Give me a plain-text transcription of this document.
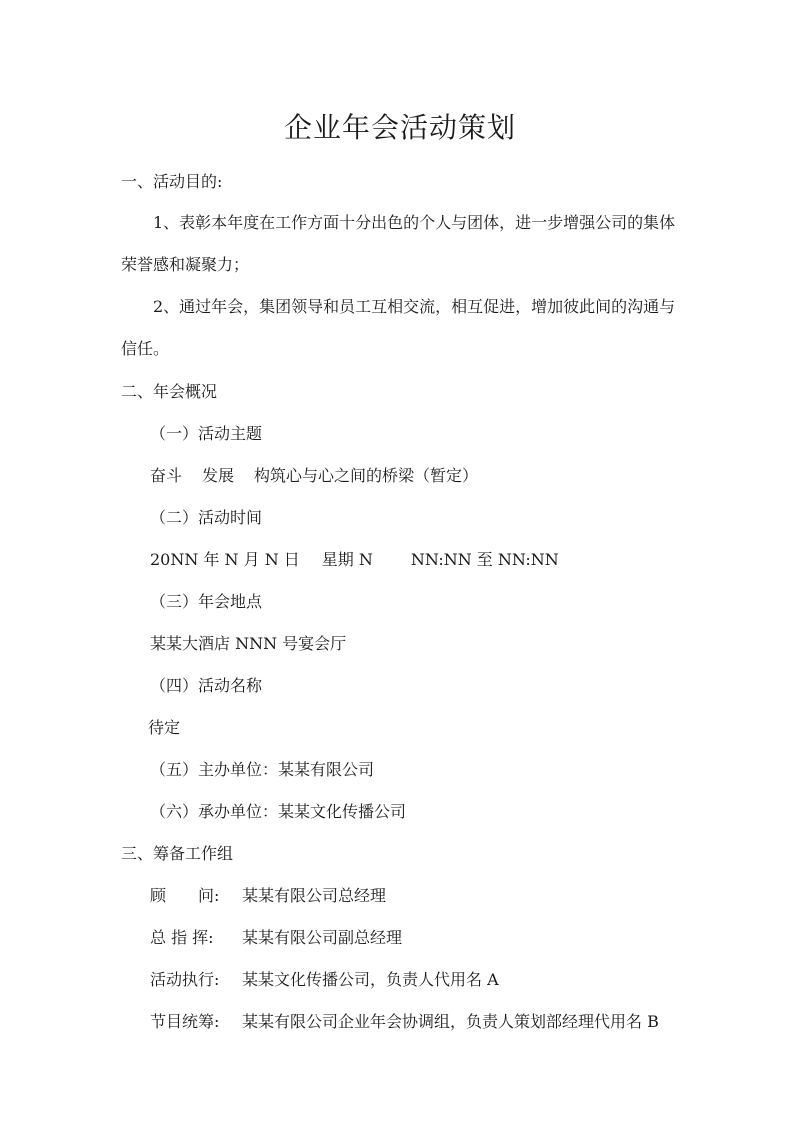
企业年会活动策划

一、活动目的:

1、表彰本年度在工作方面十分出色的个人与团体，进一步增强公司的集体荣誉感和凝聚力；

2、通过年会，集团领导和员工互相交流，相互促进，增加彼此间的沟通与信任。

二、年会概况

（一）活动主题

奋斗 发展 构筑心与心之间的桥梁（暂定）

（二）活动时间

20NN 年 N 月 N 日 星期 N NN:NN 至 NN:NN

（三）年会地点

某某大酒店 NNN 号宴会厅

（四）活动名称

待定

（五）主办单位：某某有限公司

（六）承办单位：某某文化传播公司

三、筹备工作组

顾　　问: 某某有限公司总经理

总 指 挥: 某某有限公司副总经理

活动执行: 某某文化传播公司，负责人代用名 A

节目统筹: 某某有限公司企业年会协调组，负责人策划部经理代用名 B
